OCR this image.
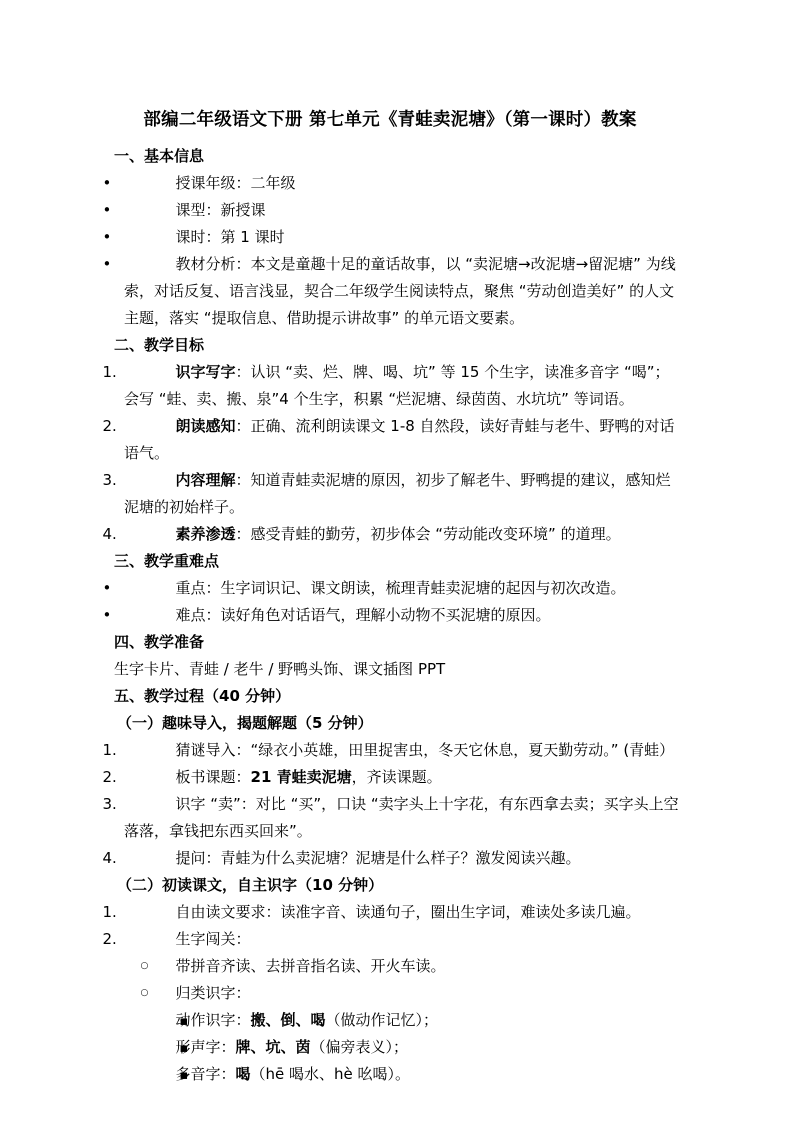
部编二年级语文下册 第七单元《青蛙卖泥塘》（第一课时）教案
一、基本信息
•
授课年级：二年级
•
课型：新授课
•
课时：第 1 课时
•
教材分析：本文是童趣十足的童话故事，以 “卖泥塘→改泥塘→留泥塘” 为线索，对话反复、语言浅显，契合二年级学生阅读特点，聚焦 “劳动创造美好” 的人文主题，落实 “提取信息、借助提示讲故事” 的单元语文要素。
二、教学目标
1.	识字写字：认识 “卖、烂、牌、喝、坑” 等 15 个生字，读准多音字 “喝”；会写 “蛙、卖、搬、泉”4 个生字，积累 “烂泥塘、绿茵茵、水坑坑” 等词语。
2.	朗读感知：正确、流利朗读课文 1-8 自然段，读好青蛙与老牛、野鸭的对话语气。
3.	内容理解：知道青蛙卖泥塘的原因，初步了解老牛、野鸭提的建议，感知烂泥塘的初始样子。
4.	素养渗透：感受青蛙的勤劳，初步体会 “劳动能改变环境” 的道理。
三、教学重难点
•
重点：生字词识记、课文朗读，梳理青蛙卖泥塘的起因与初次改造。
•
难点：读好角色对话语气，理解小动物不买泥塘的原因。
四、教学准备
生字卡片、青蛙 / 老牛 / 野鸭头饰、课文插图 PPT
五、教学过程（40 分钟）
（一）趣味导入，揭题解题（5 分钟）
1.	猜谜导入：“绿衣小英雄，田里捉害虫，冬天它休息，夏天勤劳动。” (青蛙）
2.	板书课题：21 青蛙卖泥塘，齐读课题。
3.	识字 “卖”：对比 “买”，口诀 “卖字头上十字花，有东西拿去卖；买字头上空落落，拿钱把东西买回来”。
4.	提问：青蛙为什么卖泥塘？泥塘是什么样子？激发阅读兴趣。
（二）初读课文，自主识字（10 分钟）
1.	自由读文要求：读准字音、读通句子，圈出生字词，难读处多读几遍。
2.	生字闯关：
○
带拼音齐读、去拼音指名读、开火车读。
○
归类识字：
▪
动作识字：搬、倒、喝（做动作记忆）；
▪
形声字：牌、坑、茵（偏旁表义）；
▪
多音字：喝（hē 喝水、hè 吆喝）。
